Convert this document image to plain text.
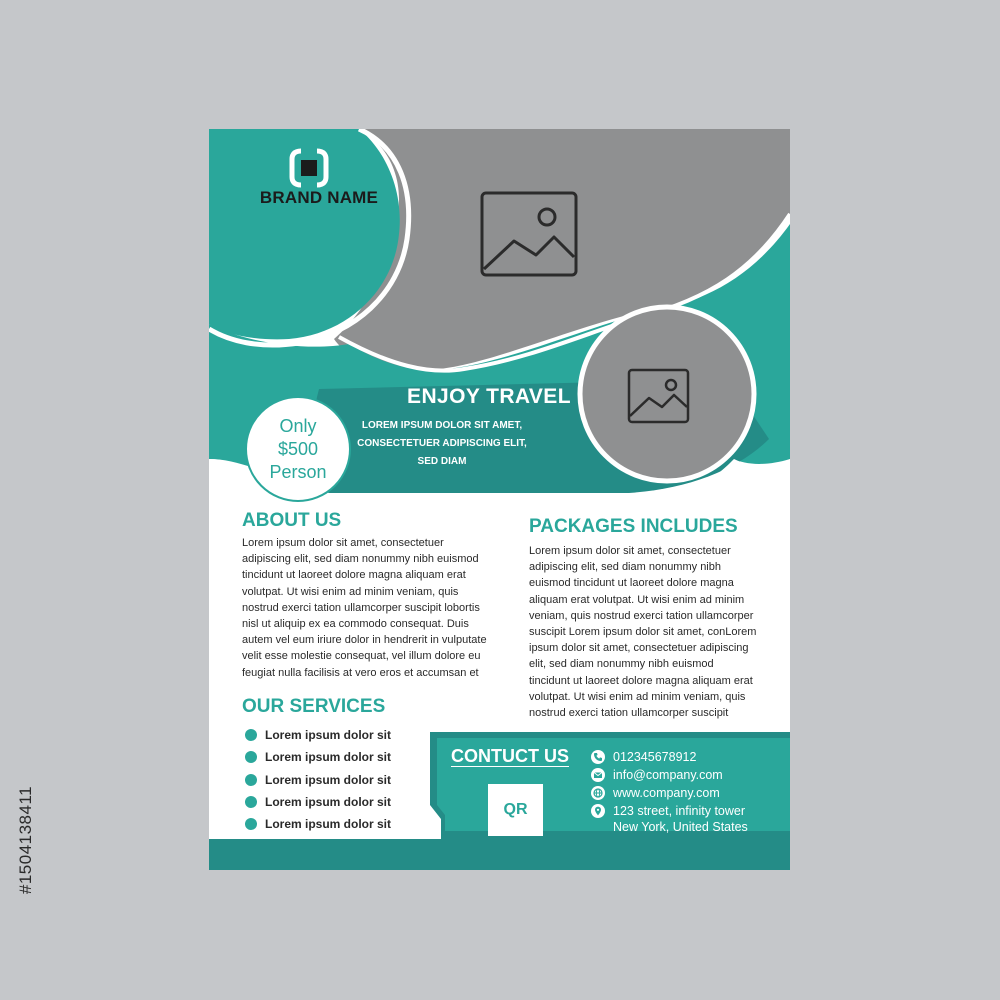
#1504138411
BRAND NAME
Only
$500
Person
ENJOY TRAVEL
LOREM IPSUM DOLOR SIT AMET, CONSECTETUER ADIPISCING ELIT, SED DIAM
ABOUT US
Lorem ipsum dolor sit amet, consectetuer
adipiscing elit, sed diam nonummy nibh euismod
tincidunt ut laoreet dolore magna aliquam erat
volutpat. Ut wisi enim ad minim veniam, quis
nostrud exerci tation ullamcorper suscipit lobortis
nisl ut aliquip ex ea commodo consequat. Duis
autem vel eum iriure dolor in hendrerit in vulputate
velit esse molestie consequat, vel illum dolore eu
feugiat nulla facilisis at vero eros et accumsan et
PACKAGES INCLUDES
Lorem ipsum dolor sit amet, consectetuer
adipiscing elit, sed diam nonummy nibh
euismod tincidunt ut laoreet dolore magna
aliquam erat volutpat. Ut wisi enim ad minim
veniam, quis nostrud exerci tation ullamcorper
suscipit Lorem ipsum dolor sit amet, conLorem
ipsum dolor sit amet, consectetuer adipiscing
elit, sed diam nonummy nibh euismod
tincidunt ut laoreet dolore magna aliquam erat
volutpat. Ut wisi enim ad minim veniam, quis
nostrud exerci tation ullamcorper suscipit
OUR SERVICES
Lorem ipsum dolor sit
Lorem ipsum dolor sit
Lorem ipsum dolor sit
Lorem ipsum dolor sit
Lorem ipsum dolor sit
CONTUCT US
QR
012345678912
info@company.com
www.company.com
123 street, infinity tower
New York, United States
